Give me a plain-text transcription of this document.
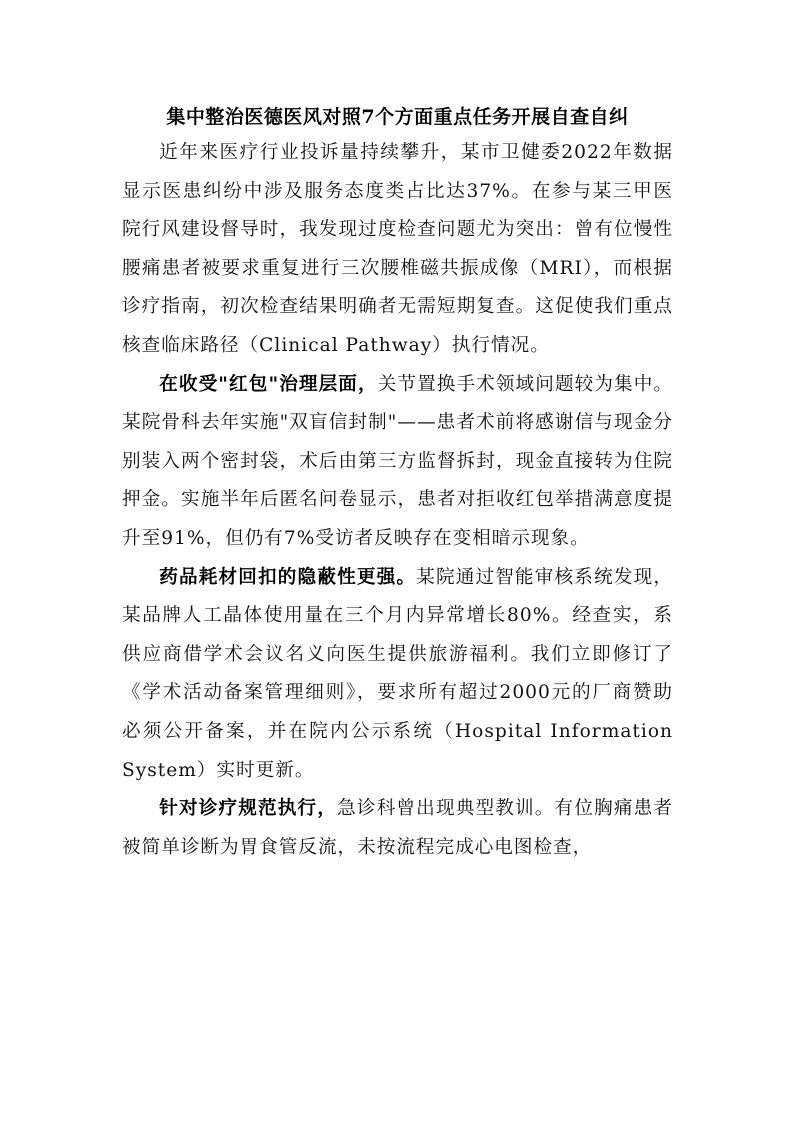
集中整治医德医风对照7个方面重点任务开展自查自纠

近年来医疗行业投诉量持续攀升，某市卫健委2022年数据显示医患纠纷中涉及服务态度类占比达37%。在参与某三甲医院行风建设督导时，我发现过度检查问题尤为突出：曾有位慢性腰痛患者被要求重复进行三次腰椎磁共振成像（MRI），而根据诊疗指南，初次检查结果明确者无需短期复查。这促使我们重点核查临床路径（Clinical Pathway）执行情况。

在收受"红包"治理层面，关节置换手术领域问题较为集中。某院骨科去年实施"双盲信封制"——患者术前将感谢信与现金分别装入两个密封袋，术后由第三方监督拆封，现金直接转为住院押金。实施半年后匿名问卷显示，患者对拒收红包举措满意度提升至91%，但仍有7%受访者反映存在变相暗示现象。

药品耗材回扣的隐蔽性更强。某院通过智能审核系统发现，某品牌人工晶体使用量在三个月内异常增长80%。经查实，系供应商借学术会议名义向医生提供旅游福利。我们立即修订了《学术活动备案管理细则》，要求所有超过2000元的厂商赞助必须公开备案，并在院内公示系统（Hospital Information System）实时更新。

针对诊疗规范执行，急诊科曾出现典型教训。有位胸痛患者被简单诊断为胃食管反流，未按流程完成心电图检查，
